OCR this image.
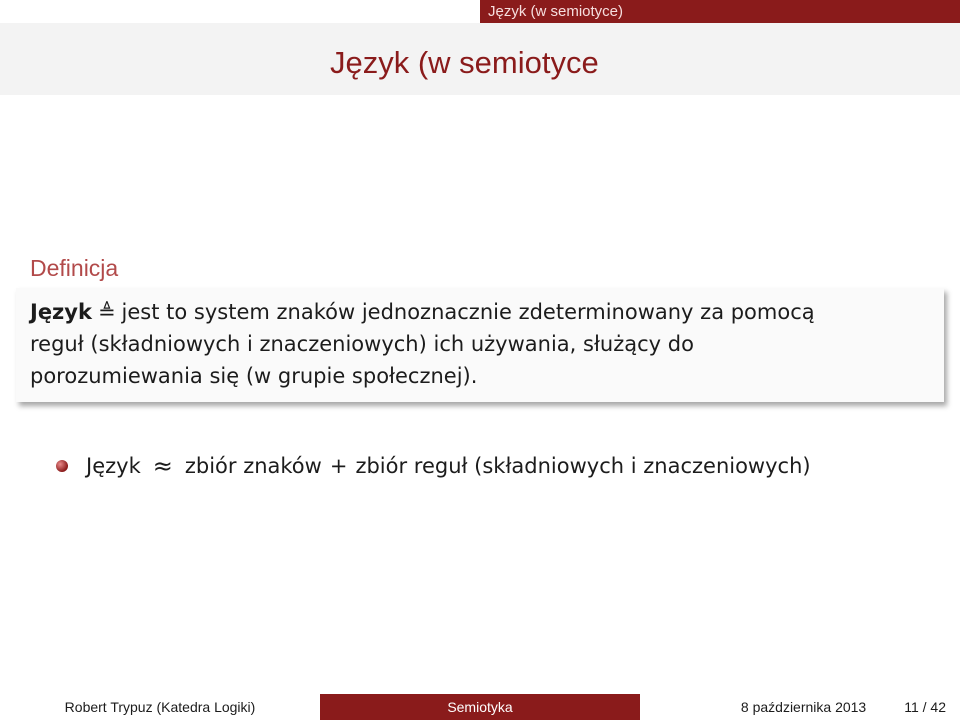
Język (w semiotyce)
Język (w semiotyce
Definicja
Język ≜ jest to system znaków jednoznacznie zdeterminowany za pomocą
reguł (składniowych i znaczeniowych) ich używania, służący do
porozumiewania się (w grupie społecznej).
Język ≈ zbiór znaków + zbiór reguł (składniowych i znaczeniowych)
Robert Trypuz (Katedra Logiki)	Semiotyka	8 października 2013	11 / 42
